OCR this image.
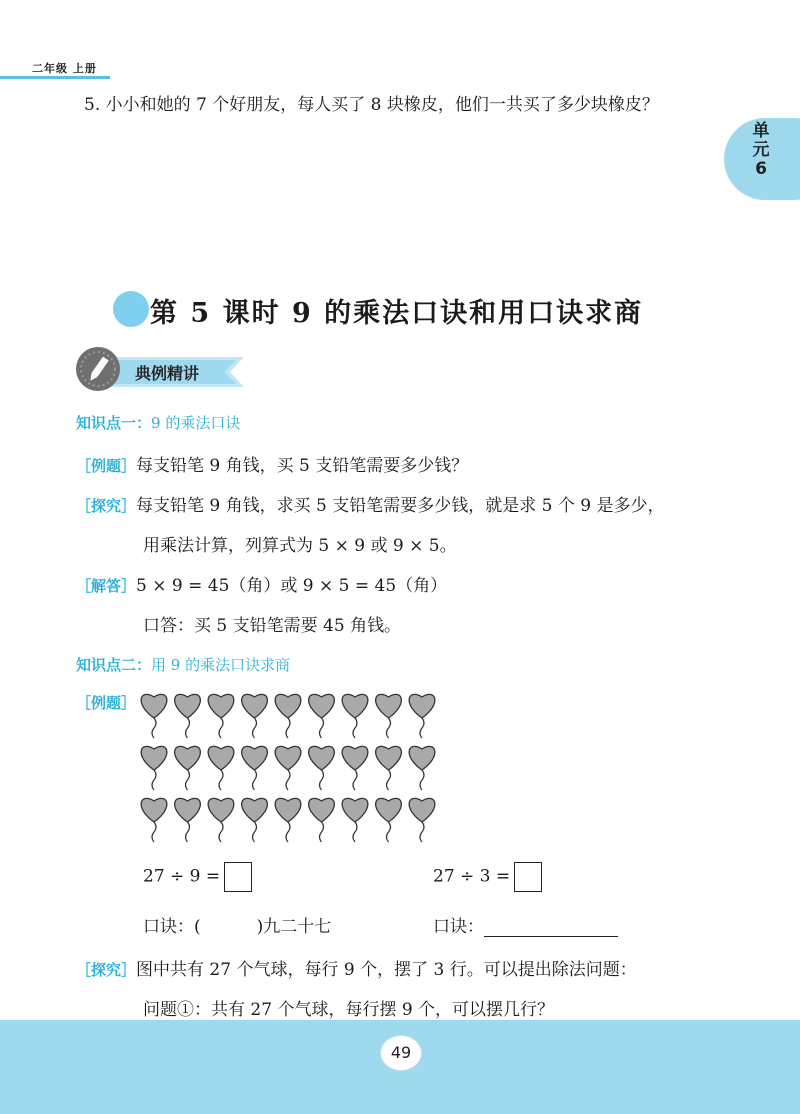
二年级 上册
5. 小小和她的 7 个好朋友，每人买了 8 块橡皮，他们一共买了多少块橡皮？
单
元
6
第 5 课时 9 的乘法口诀和用口诀求商
典例精讲
知识点一：9 的乘法口诀
［例题］每支铅笔 9 角钱，买 5 支铅笔需要多少钱？
［探究］每支铅笔 9 角钱，求买 5 支铅笔需要多少钱，就是求 5 个 9 是多少，
用乘法计算，列算式为 5 × 9 或 9 × 5。
［解答］5 × 9 = 45（角）或 9 × 5 = 45（角）
口答：买 5 支铅笔需要 45 角钱。
知识点二：用 9 的乘法口诀求商
［例题］
27 ÷ 9 =	27 ÷ 3 =
口诀：(	)九二十七	口诀：
［探究］图中共有 27 个气球，每行 9 个，摆了 3 行。可以提出除法问题：
问题①：共有 27 个气球，每行摆 9 个，可以摆几行？
49
